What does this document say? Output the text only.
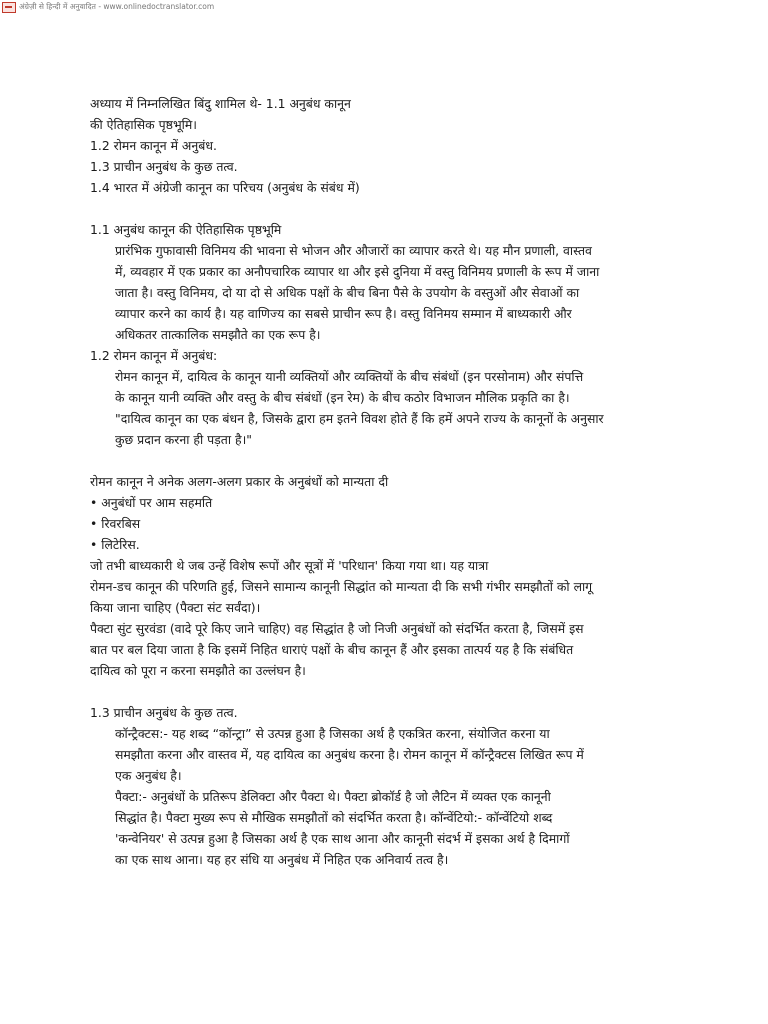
अंग्रेज़ी से हिन्दी में अनुवादित - www.onlinedoctranslator.com
अध्याय में निम्नलिखित बिंदु शामिल थे- 1.1 अनुबंध कानून
की ऐतिहासिक पृष्ठभूमि।
1.2 रोमन कानून में अनुबंध.
1.3 प्राचीन अनुबंध के कुछ तत्व.
1.4 भारत में अंग्रेजी कानून का परिचय (अनुबंध के संबंध में)
1.1 अनुबंध कानून की ऐतिहासिक पृष्ठभूमि
प्रारंभिक गुफावासी विनिमय की भावना से भोजन और औजारों का व्यापार करते थे। यह मौन प्रणाली, वास्तव
में, व्यवहार में एक प्रकार का अनौपचारिक व्यापार था और इसे दुनिया में वस्तु विनिमय प्रणाली के रूप में जाना
जाता है। वस्तु विनिमय, दो या दो से अधिक पक्षों के बीच बिना पैसे के उपयोग के वस्तुओं और सेवाओं का
व्यापार करने का कार्य है। यह वाणिज्य का सबसे प्राचीन रूप है। वस्तु विनिमय सम्मान में बाध्यकारी और
अधिकतर तात्कालिक समझौते का एक रूप है।
1.2 रोमन कानून में अनुबंध:
रोमन कानून में, दायित्व के कानून यानी व्यक्तियों और व्यक्तियों के बीच संबंधों (इन परसोनाम) और संपत्ति
के कानून यानी व्यक्ति और वस्तु के बीच संबंधों (इन रेम) के बीच कठोर विभाजन मौलिक प्रकृति का है।
"दायित्व कानून का एक बंधन है, जिसके द्वारा हम इतने विवश होते हैं कि हमें अपने राज्य के कानूनों के अनुसार
कुछ प्रदान करना ही पड़ता है।"
रोमन कानून ने अनेक अलग-अलग प्रकार के अनुबंधों को मान्यता दी
• अनुबंधों पर आम सहमति
• रिवरबिस
• लिटेरिस.
जो तभी बाध्यकारी थे जब उन्हें विशेष रूपों और सूत्रों में 'परिधान' किया गया था। यह यात्रा
रोमन-डच कानून की परिणति हुई, जिसने सामान्य कानूनी सिद्धांत को मान्यता दी कि सभी गंभीर समझौतों को लागू
किया जाना चाहिए (पैक्टा संट सर्वंदा)।
पैक्टा सुंट सुरवंडा (वादे पूरे किए जाने चाहिए) वह सिद्धांत है जो निजी अनुबंधों को संदर्भित करता है, जिसमें इस
बात पर बल दिया जाता है कि इसमें निहित धाराएं पक्षों के बीच कानून हैं और इसका तात्पर्य यह है कि संबंधित
दायित्व को पूरा न करना समझौते का उल्लंघन है।
1.3 प्राचीन अनुबंध के कुछ तत्व.
कॉन्ट्रैक्टस:- यह शब्द “कॉन्ट्रा” से उत्पन्न हुआ है जिसका अर्थ है एकत्रित करना, संयोजित करना या
समझौता करना और वास्तव में, यह दायित्व का अनुबंध करना है। रोमन कानून में कॉन्ट्रैक्टस लिखित रूप में
एक अनुबंध है।
पैक्टा:- अनुबंधों के प्रतिरूप डेलिक्टा और पैक्टा थे। पैक्टा ब्रोकॉर्ड है जो लैटिन में व्यक्त एक कानूनी
सिद्धांत है। पैक्टा मुख्य रूप से मौखिक समझौतों को संदर्भित करता है। कॉन्वेंटियो:- कॉन्वेंटियो शब्द
'कन्वेनियर' से उत्पन्न हुआ है जिसका अर्थ है एक साथ आना और कानूनी संदर्भ में इसका अर्थ है दिमागों
का एक साथ आना। यह हर संधि या अनुबंध में निहित एक अनिवार्य तत्व है।
